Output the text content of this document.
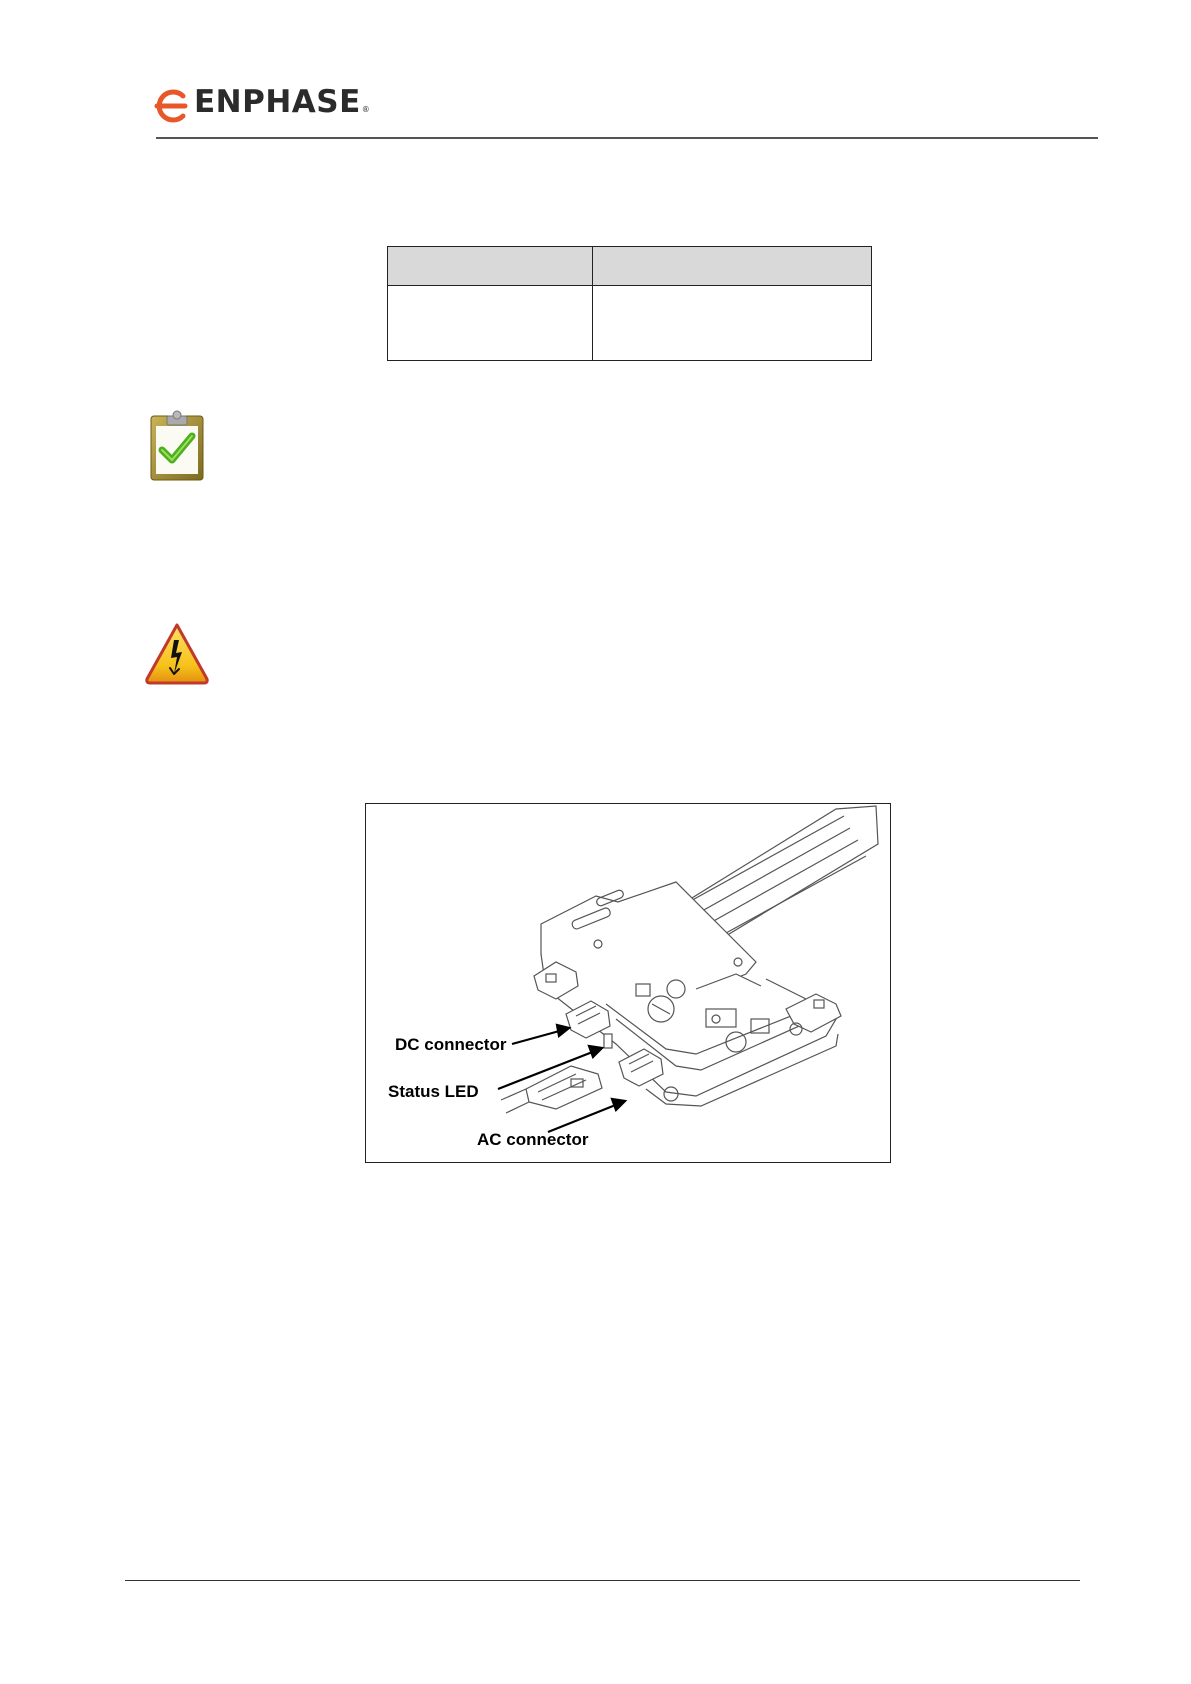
ENPHASE®

DC connector
Status LED
AC connector
